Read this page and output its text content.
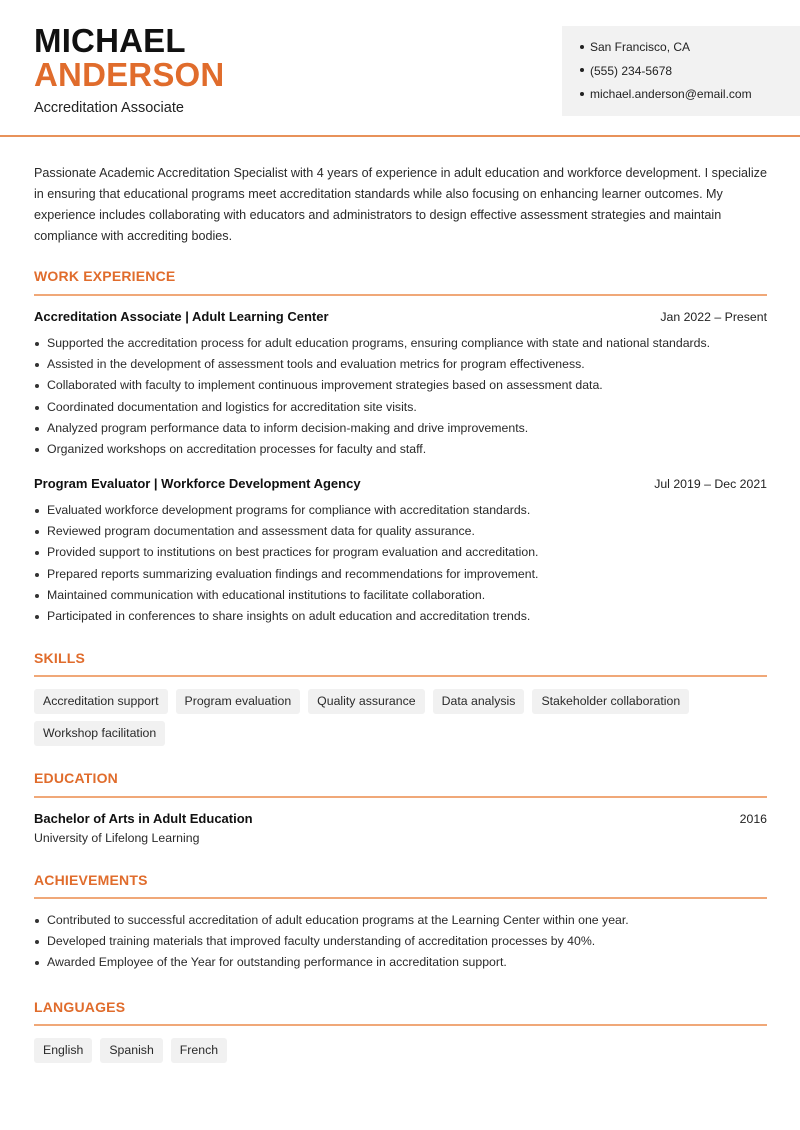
MICHAEL
ANDERSON
Accreditation Associate
San Francisco, CA
(555) 234-5678
michael.anderson@email.com

Passionate Academic Accreditation Specialist with 4 years of experience in adult education and workforce development. I specialize in ensuring that educational programs meet accreditation standards while also focusing on enhancing learner outcomes. My experience includes collaborating with educators and administrators to design effective assessment strategies and maintain compliance with accrediting bodies.

WORK EXPERIENCE
Accreditation Associate | Adult Learning Center	Jan 2022 – Present
Supported the accreditation process for adult education programs, ensuring compliance with state and national standards.
Assisted in the development of assessment tools and evaluation metrics for program effectiveness.
Collaborated with faculty to implement continuous improvement strategies based on assessment data.
Coordinated documentation and logistics for accreditation site visits.
Analyzed program performance data to inform decision-making and drive improvements.
Organized workshops on accreditation processes for faculty and staff.
Program Evaluator | Workforce Development Agency	Jul 2019 – Dec 2021
Evaluated workforce development programs for compliance with accreditation standards.
Reviewed program documentation and assessment data for quality assurance.
Provided support to institutions on best practices for program evaluation and accreditation.
Prepared reports summarizing evaluation findings and recommendations for improvement.
Maintained communication with educational institutions to facilitate collaboration.
Participated in conferences to share insights on adult education and accreditation trends.
SKILLS
Accreditation support Program evaluation Quality assurance Data analysis Stakeholder collaborationWorkshop facilitation
EDUCATION
Bachelor of Arts in Adult Education	2016
University of Lifelong Learning
ACHIEVEMENTS
Contributed to successful accreditation of adult education programs at the Learning Center within one year.
Developed training materials that improved faculty understanding of accreditation processes by 40%.
Awarded Employee of the Year for outstanding performance in accreditation support.
LANGUAGES
English Spanish French
